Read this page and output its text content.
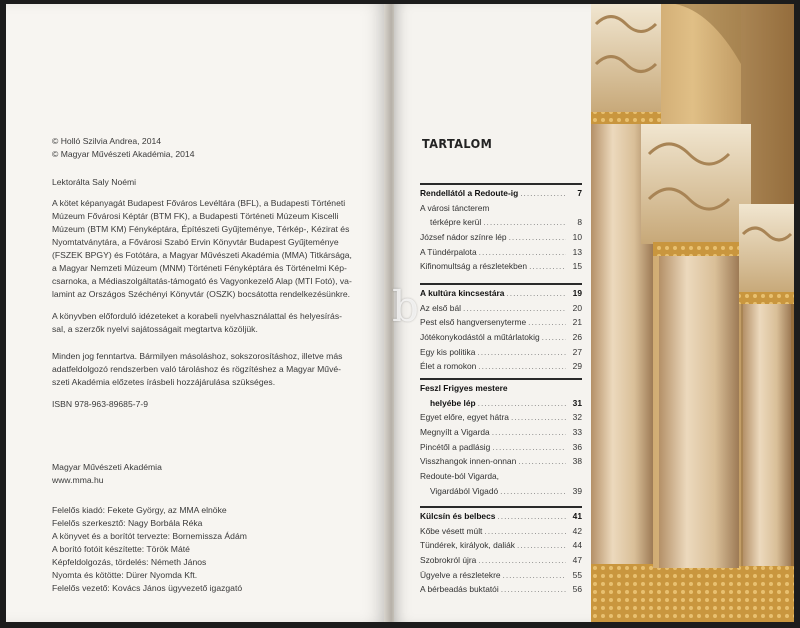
© Holló Szilvia Andrea, 2014

© Magyar Művészeti Akadémia, 2014

Lektorálta Saly Noémi

A kötet képanyagát Budapest Főváros Levéltára (BFL), a Budapesti Történeti

Múzeum Fővárosi Képtár (BTM FK), a Budapesti Történeti Múzeum Kiscelli

Múzeum (BTM KM) Fényképtára, Építészeti Gyűjteménye, Térkép-, Kézirat és

Nyomtatványtára, a Fővárosi Szabó Ervin Könyvtár Budapest Gyűjteménye

(FSZEK BPGY) és Fotótára, a Magyar Művészeti Akadémia (MMA) Titkársága,

a Magyar Nemzeti Múzeum (MNM) Történeti Fényképtára és Történelmi Kép-

csarnoka, a Médiaszolgáltatás-támogató és Vagyonkezelő Alap (MTI Fotó), va-

lamint az Országos Széchényi Könyvtár (OSZK) bocsátotta rendelkezésünkre.

A könyvben előforduló idézeteket a korabeli nyelvhasználattal és helyesírás-

sal, a szerzők nyelvi sajátosságait megtartva közöljük.

Minden jog fenntartva. Bármilyen másoláshoz, sokszorosításhoz, illetve más

adatfeldolgozó rendszerben való tároláshoz és rögzítéshez a Magyar Művé-

szeti Akadémia előzetes írásbeli hozzájárulása szükséges.

ISBN 978-963-89685-7-9

Magyar Művészeti Akadémia

www.mma.hu

Felelős kiadó: Fekete György, az MMA elnöke

Felelős szerkesztő: Nagy Borbála Réka

A könyvet és a borítót tervezte: Bornemissza Ádám

A borító fotóit készítette: Török Máté

Képfeldolgozás, tördelés: Németh János

Nyomta és kötötte: Dürer Nyomda Kft.

Felelős vezető: Kovács János ügyvezető igazgató

TARTALOM
Rendellától a Redoute-ig .....	7
A városi táncterem
térképre kerül .....	8
József nádor színre lép .....	10
A Tündérpalota .....	13
Kifinomultság a részletekben .....	15
A kultúra kincsestára .....	19
Az első bál .....	20
Pest első hangversenyterme .....	21
Jótékonykodástól a műtárlatokig .....	26
Egy kis politika .....	27
Élet a romokon .....	29
Feszl Frigyes mestere
helyébe lép .....	31
Egyet előre, egyet hátra .....	32
Megnyílt a Vigarda .....	33
Pincétől a padlásig .....	36
Visszhangok innen-onnan .....	38
Redoute-ból Vigarda,
Vigardából Vigadó .....	39
Külcsín és belbecs .....	41
Kőbe vésett múlt .....	42
Tündérek, királyok, daliák .....	44
Szobrokról újra .....	47
Ügyelve a részletekre .....	55
A bérbeadás buktatói .....	56
b
